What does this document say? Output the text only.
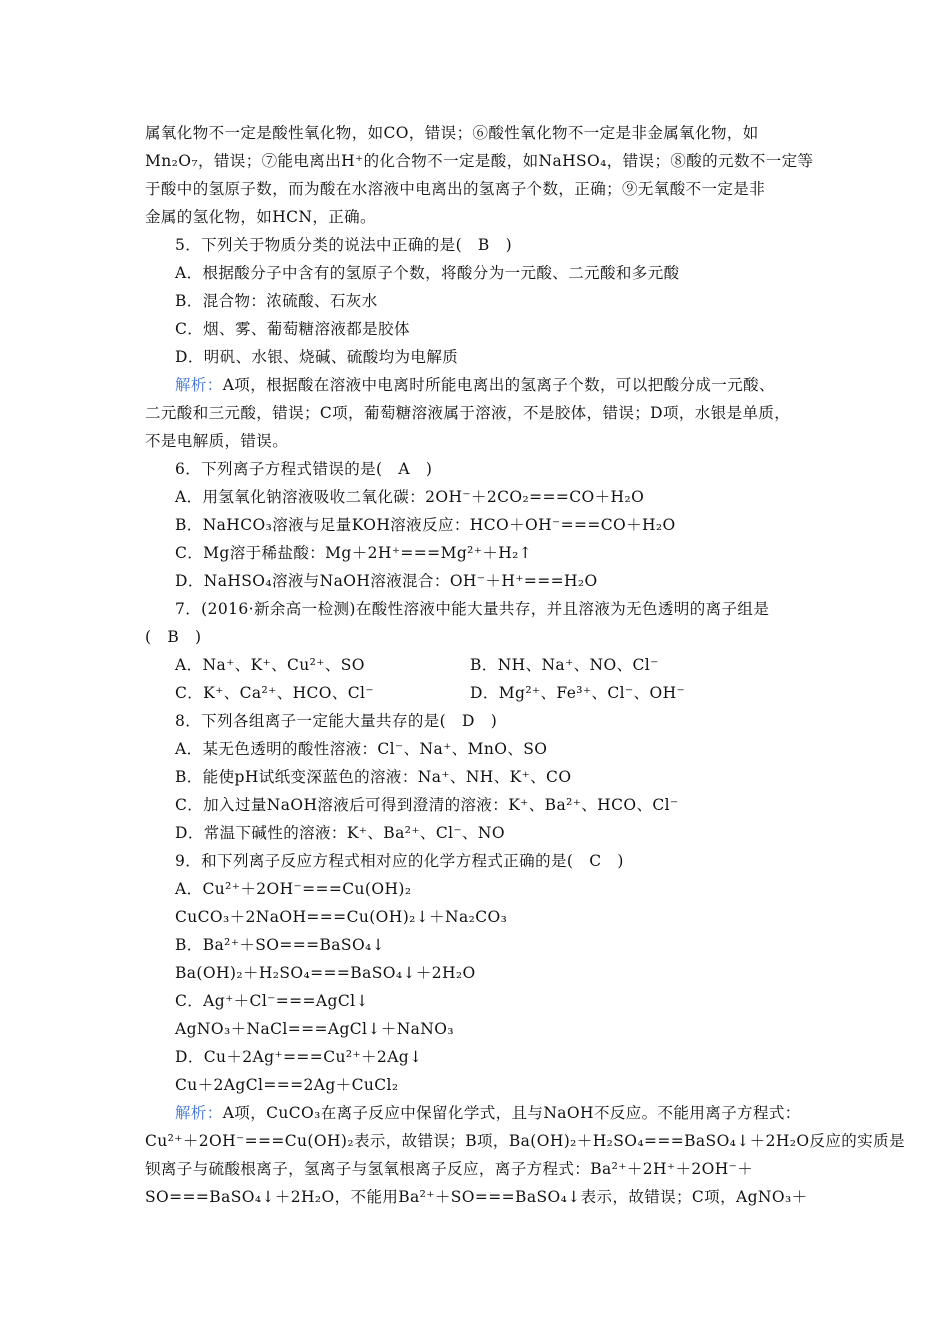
属氧化物不一定是酸性氧化物，如CO，错误；⑥酸性氧化物不一定是非金属氧化物，如
Mn₂O₇，错误；⑦能电离出H⁺的化合物不一定是酸，如NaHSO₄，错误；⑧酸的元数不一定等
于酸中的氢原子数，而为酸在水溶液中电离出的氢离子个数，正确；⑨无氧酸不一定是非
金属的氢化物，如HCN，正确。
5．下列关于物质分类的说法中正确的是(　B　)
A．根据酸分子中含有的氢原子个数，将酸分为一元酸、二元酸和多元酸
B．混合物：浓硫酸、石灰水
C．烟、雾、葡萄糖溶液都是胶体
D．明矾、水银、烧碱、硫酸均为电解质
解析：A项，根据酸在溶液中电离时所能电离出的氢离子个数，可以把酸分成一元酸、
二元酸和三元酸，错误；C项，葡萄糖溶液属于溶液，不是胶体，错误；D项，水银是单质，
不是电解质，错误。
6．下列离子方程式错误的是(　A　)
A．用氢氧化钠溶液吸收二氧化碳：2OH⁻＋2CO₂===CO＋H₂O
B．NaHCO₃溶液与足量KOH溶液反应：HCO＋OH⁻===CO＋H₂O
C．Mg溶于稀盐酸：Mg＋2H⁺===Mg²⁺＋H₂↑
D．NaHSO₄溶液与NaOH溶液混合：OH⁻＋H⁺===H₂O
7．(2016·新余高一检测)在酸性溶液中能大量共存，并且溶液为无色透明的离子组是
(　B　)
A．Na⁺、K⁺、Cu²⁺、SO	B．NH、Na⁺、NO、Cl⁻
C．K⁺、Ca²⁺、HCO、Cl⁻	D．Mg²⁺、Fe³⁺、Cl⁻、OH⁻
8．下列各组离子一定能大量共存的是(　D　)
A．某无色透明的酸性溶液：Cl⁻、Na⁺、MnO、SO
B．能使pH试纸变深蓝色的溶液：Na⁺、NH、K⁺、CO
C．加入过量NaOH溶液后可得到澄清的溶液：K⁺、Ba²⁺、HCO、Cl⁻
D．常温下碱性的溶液：K⁺、Ba²⁺、Cl⁻、NO
9．和下列离子反应方程式相对应的化学方程式正确的是(　C　)
A．Cu²⁺＋2OH⁻===Cu(OH)₂
CuCO₃＋2NaOH===Cu(OH)₂↓＋Na₂CO₃
B．Ba²⁺＋SO===BaSO₄↓
Ba(OH)₂＋H₂SO₄===BaSO₄↓＋2H₂O
C．Ag⁺＋Cl⁻===AgCl↓
AgNO₃＋NaCl===AgCl↓＋NaNO₃
D．Cu＋2Ag⁺===Cu²⁺＋2Ag↓
Cu＋2AgCl===2Ag＋CuCl₂
解析：A项，CuCO₃在离子反应中保留化学式，且与NaOH不反应。不能用离子方程式：
Cu²⁺＋2OH⁻===Cu(OH)₂表示，故错误；B项，Ba(OH)₂＋H₂SO₄===BaSO₄↓＋2H₂O反应的实质是
钡离子与硫酸根离子，氢离子与氢氧根离子反应，离子方程式：Ba²⁺＋2H⁺＋2OH⁻＋
SO===BaSO₄↓＋2H₂O，不能用Ba²⁺＋SO===BaSO₄↓表示，故错误；C项，AgNO₃＋
